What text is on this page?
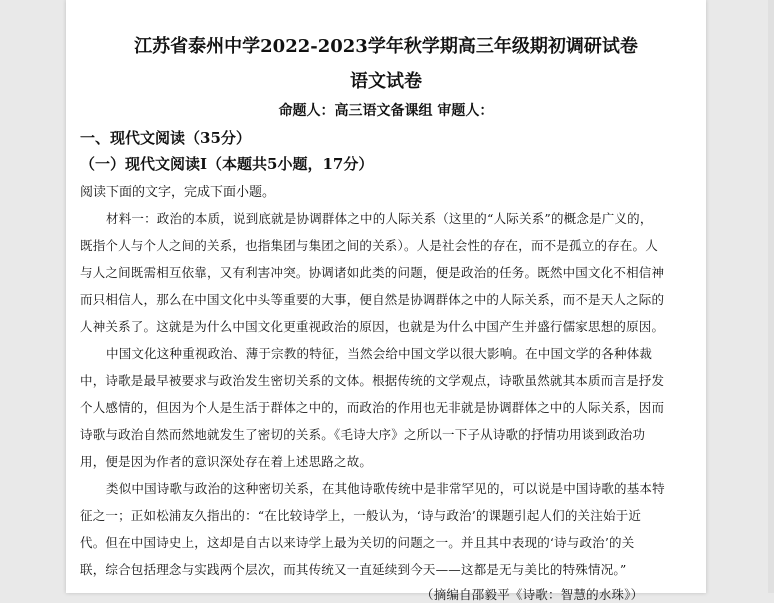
江苏省泰州中学2022-2023学年秋学期高三年级期初调研试卷
语文试卷
命题人：高三语文备课组 审题人：
一、现代文阅读（35分）
（一）现代文阅读Ⅰ（本题共5小题，17分）
阅读下面的文字，完成下面小题。
材料一：政治的本质，说到底就是协调群体之中的人际关系（这里的“人际关系”的概念是广义的，
既指个人与个人之间的关系，也指集团与集团之间的关系）。人是社会性的存在，而不是孤立的存在。人
与人之间既需相互依靠，又有利害冲突。协调诸如此类的问题，便是政治的任务。既然中国文化不相信神
而只相信人，那么在中国文化中头等重要的大事，便自然是协调群体之中的人际关系，而不是天人之际的
人神关系了。这就是为什么中国文化更重视政治的原因，也就是为什么中国产生并盛行儒家思想的原因。
中国文化这种重视政治、薄于宗教的特征，当然会给中国文学以很大影响。在中国文学的各种体裁
中，诗歌是最早被要求与政治发生密切关系的文体。根据传统的文学观点，诗歌虽然就其本质而言是抒发
个人感情的，但因为个人是生活于群体之中的，而政治的作用也无非就是协调群体之中的人际关系，因而
诗歌与政治自然而然地就发生了密切的关系。《毛诗大序》之所以一下子从诗歌的抒情功用谈到政治功
用，便是因为作者的意识深处存在着上述思路之故。
类似中国诗歌与政治的这种密切关系，在其他诗歌传统中是非常罕见的，可以说是中国诗歌的基本特
征之一；正如松浦友久指出的：“在比较诗学上，一般认为，‘诗与政治’的课题引起人们的关注始于近
代。但在中国诗史上，这却是自古以来诗学上最为关切的问题之一。并且其中表现的‘诗与政治’的关
联，综合包括理念与实践两个层次，而其传统又一直延续到今天——这都是无与美比的特殊情况。”
（摘编自邵毅平《诗歌：智慧的水珠》）
